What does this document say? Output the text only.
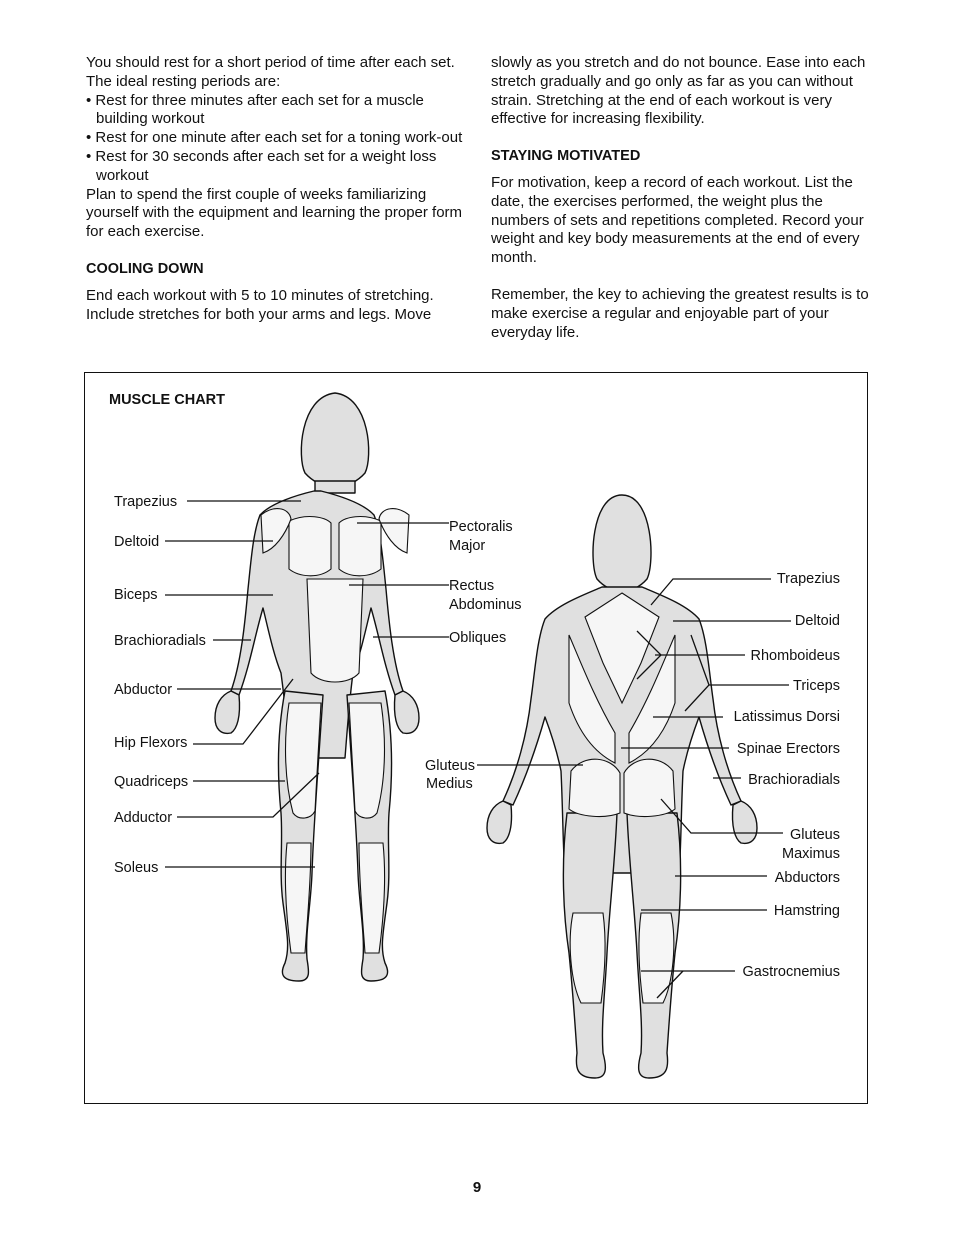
You should rest for a short period of time after each set. The ideal resting periods are:

• Rest for three minutes after each set for a muscle building workout

• Rest for one minute after each set for a toning work-out

• Rest for 30 seconds after each set for a weight loss workout

Plan to spend the first couple of weeks familiarizing yourself with the equipment and learning the proper form for each exercise.

COOLING DOWN

End each workout with 5 to 10 minutes of stretching. Include stretches for both your arms and legs. Move

slowly as you stretch and do not bounce. Ease into each stretch gradually and go only as far as you can without strain. Stretching at the end of each workout is very effective for increasing flexibility.

STAYING MOTIVATED

For motivation, keep a record of each workout. List the date, the exercises performed, the weight plus the numbers of sets and repetitions completed. Record your weight and key body measurements at the end of every month.

Remember, the key to achieving the greatest results is to make exercise a regular and enjoyable part of your everyday life.

MUSCLE CHART
Trapezius
Deltoid
Biceps
Brachioradials
Abductor
Hip Flexors
Quadriceps
Adductor
Soleus
Pectoralis
Major
Rectus
Abdominus
Obliques
Gluteus
Medius
Trapezius
Deltoid
Rhomboideus
Triceps
Latissimus Dorsi
Spinae Erectors
Brachioradials
Gluteus
Maximus
Abductors
Hamstring
Gastrocnemius
9
